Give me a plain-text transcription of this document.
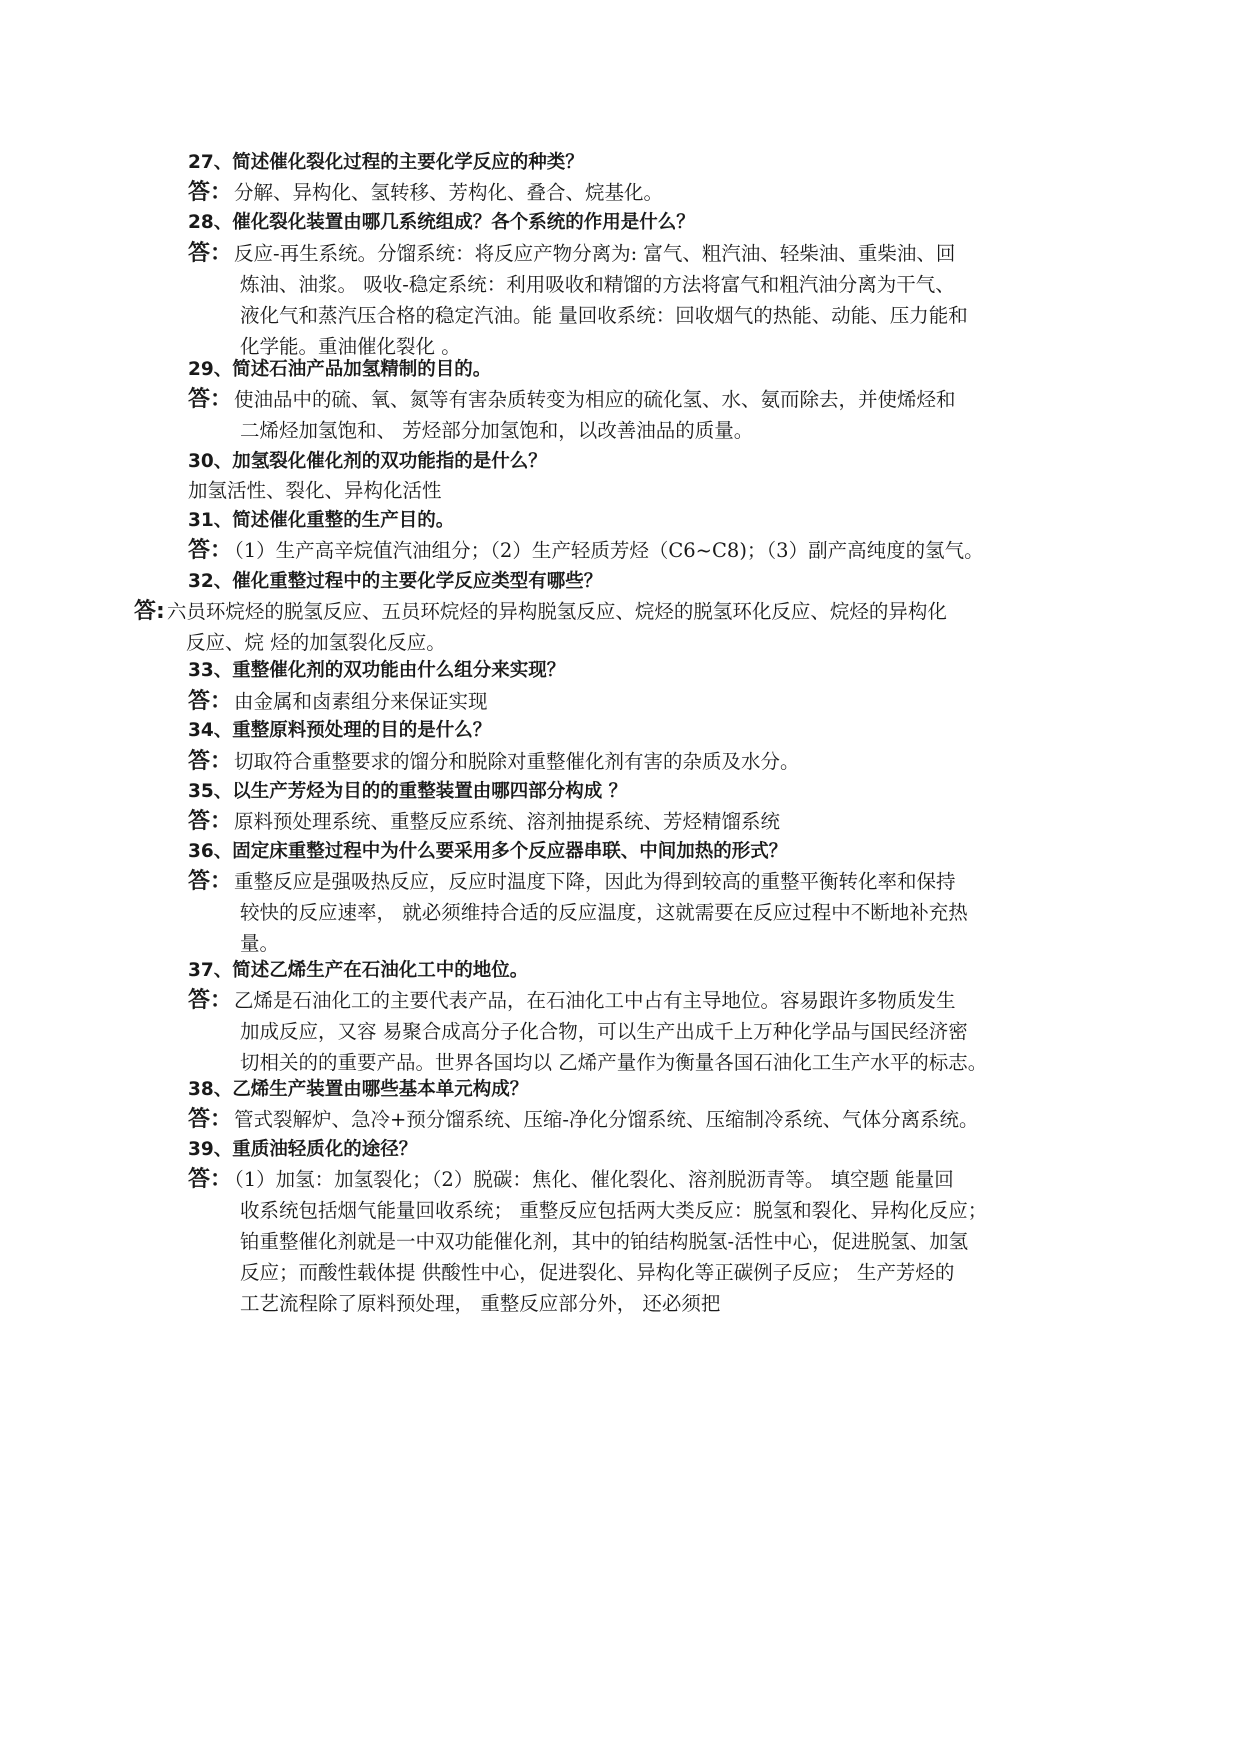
27、简述催化裂化过程的主要化学反应的种类？
答： 分解、异构化、氢转移、芳构化、叠合、烷基化。
28、催化裂化装置由哪几系统组成？各个系统的作用是什么？
答： 反应-再生系统。分馏系统：将反应产物分离为: 富气、粗汽油、轻柴油、重柴油、回
炼油、油浆。 吸收-稳定系统：利用吸收和精馏的方法将富气和粗汽油分离为干气、
液化气和蒸汽压合格的稳定汽油。能 量回收系统：回收烟气的热能、动能、压力能和
化学能。重油催化裂化 。
29、简述石油产品加氢精制的目的。
答： 使油品中的硫、氧、氮等有害杂质转变为相应的硫化氢、水、氨而除去，并使烯烃和
二烯烃加氢饱和、 芳烃部分加氢饱和，以改善油品的质量。
30、加氢裂化催化剂的双功能指的是什么？
加氢活性、裂化、异构化活性
31、简述催化重整的生产目的。
答： （1）生产高辛烷值汽油组分；（2）生产轻质芳烃（C6~C8)；（3）副产高纯度的氢气。
32、催化重整过程中的主要化学反应类型有哪些？
答: 六员环烷烃的脱氢反应、五员环烷烃的异构脱氢反应、烷烃的脱氢环化反应、烷烃的异构化
反应、烷 烃的加氢裂化反应。
33、重整催化剂的双功能由什么组分来实现？
答： 由金属和卤素组分来保证实现
34、重整原料预处理的目的是什么？
答： 切取符合重整要求的馏分和脱除对重整催化剂有害的杂质及水分。
35、以生产芳烃为目的的重整装置由哪四部分构成 ？
答： 原料预处理系统、重整反应系统、溶剂抽提系统、芳烃精馏系统
36、固定床重整过程中为什么要采用多个反应器串联、中间加热的形式？
答： 重整反应是强吸热反应，反应时温度下降，因此为得到较高的重整平衡转化率和保持
较快的反应速率， 就必须维持合适的反应温度，这就需要在反应过程中不断地补充热
量。
37、简述乙烯生产在石油化工中的地位。
答： 乙烯是石油化工的主要代表产品，在石油化工中占有主导地位。容易跟许多物质发生
加成反应，又容 易聚合成高分子化合物，可以生产出成千上万种化学品与国民经济密
切相关的的重要产品。世界各国均以 乙烯产量作为衡量各国石油化工生产水平的标志。
38、乙烯生产装置由哪些基本单元构成？
答： 管式裂解炉、急冷+预分馏系统、压缩-净化分馏系统、压缩制冷系统、气体分离系统。
39、重质油轻质化的途径？
答： （1）加氢：加氢裂化；（2）脱碳：焦化、催化裂化、溶剂脱沥青等。 填空题 能量回
收系统包括烟气能量回收系统； 重整反应包括两大类反应：脱氢和裂化、异构化反应；
铂重整催化剂就是一中双功能催化剂，其中的铂结构脱氢-活性中心，促进脱氢、加氢
反应；而酸性载体提 供酸性中心，促进裂化、异构化等正碳例子反应； 生产芳烃的
工艺流程除了原料预处理， 重整反应部分外， 还必须把
